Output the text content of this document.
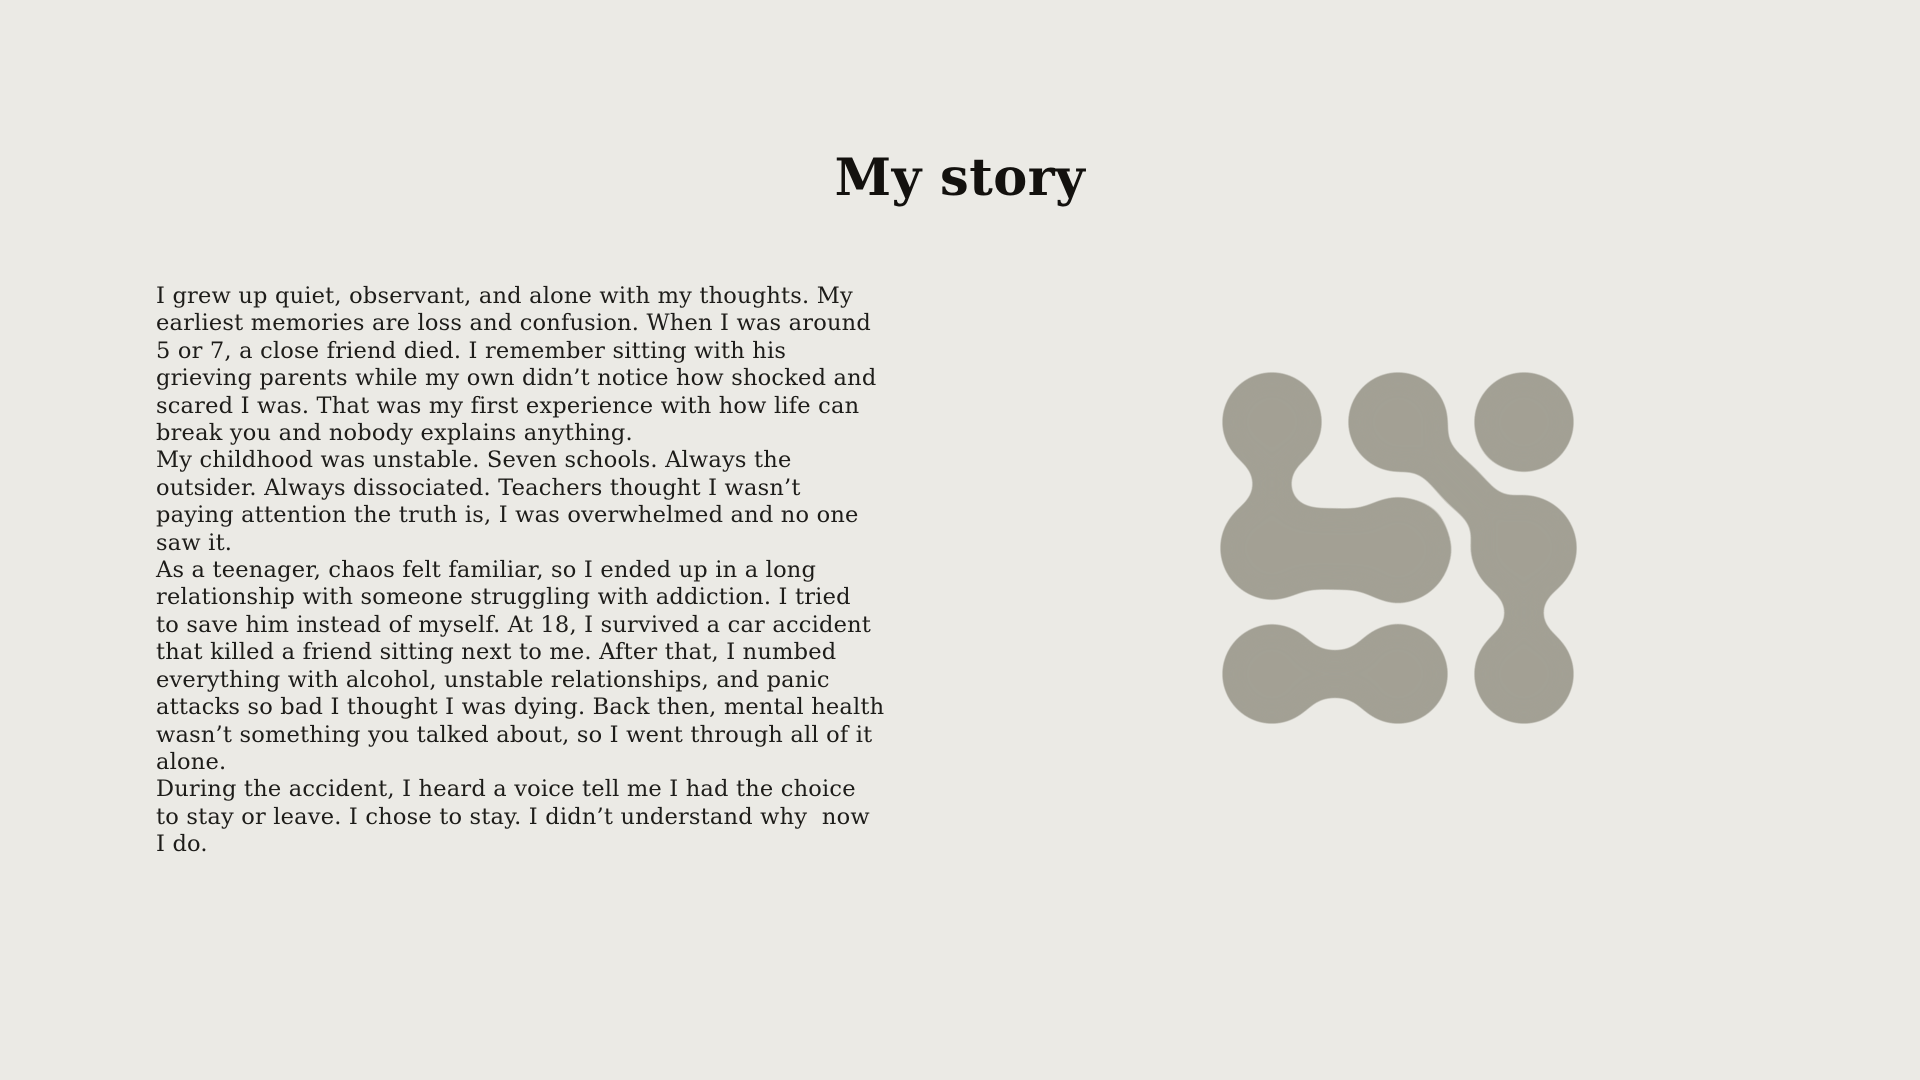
My story

I grew up quiet, observant, and alone with my thoughts. My
earliest memories are loss and confusion. When I was around
5 or 7, a close friend died. I remember sitting with his
grieving parents while my own didn’t notice how shocked and
scared I was. That was my first experience with how life can
break you and nobody explains anything.

My childhood was unstable. Seven schools. Always the
outsider. Always dissociated. Teachers thought I wasn’t
paying attention the truth is, I was overwhelmed and no one
saw it.

As a teenager, chaos felt familiar, so I ended up in a long
relationship with someone struggling with addiction. I tried
to save him instead of myself. At 18, I survived a car accident
that killed a friend sitting next to me. After that, I numbed
everything with alcohol, unstable relationships, and panic
attacks so bad I thought I was dying. Back then, mental health
wasn’t something you talked about, so I went through all of it
alone.

During the accident, I heard a voice tell me I had the choice
to stay or leave. I chose to stay. I didn’t understand why  now
I do.
